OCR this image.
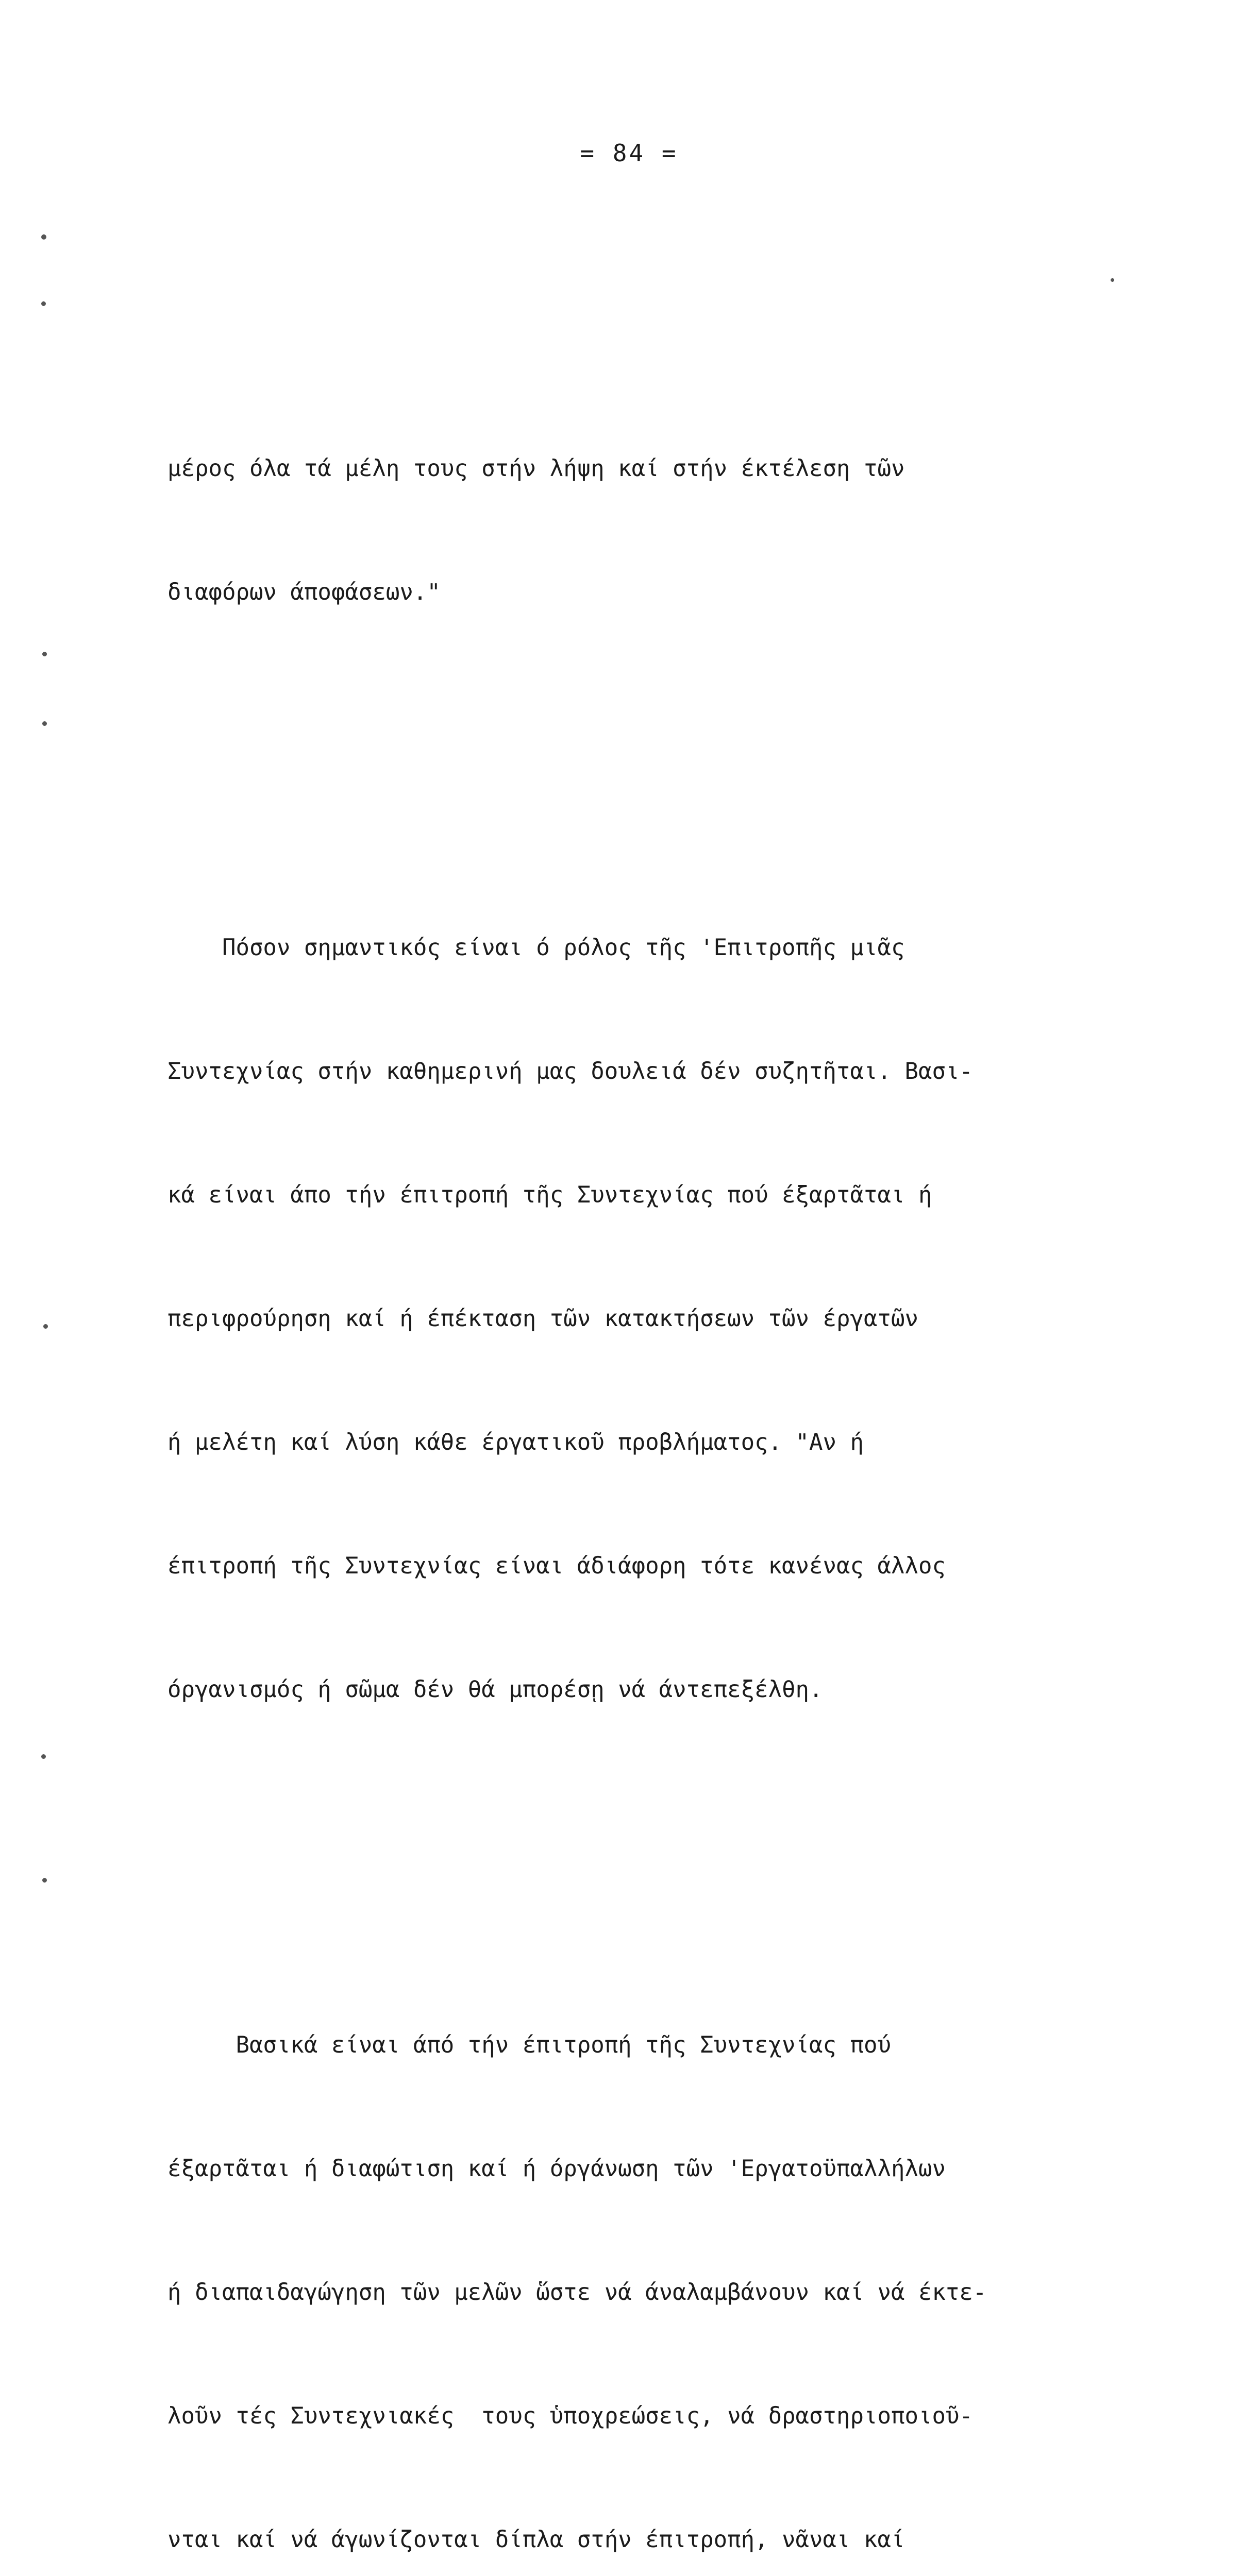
= 84 =

μέρος όλα τά μέλη τους στήν λήψη καί στήν έκτέλεση τῶν

διαφόρων άποφάσεων."

Πόσον σημαντικός είναι ό ρόλος τῆς 'Επιτροπῆς μιᾶς

Συντεχνίας στήν καθημερινή μας δουλειά δέν συζητῆται. Βασι-

κά είναι άπο τήν έπιτροπή τῆς Συντεχνίας πού έξαρτᾶται ή

περιφρούρηση καί ή έπέκταση τῶν κατακτήσεων τῶν έργατῶν

ή μελέτη καί λύση κάθε έργατικοῦ προβλήματος. "Αν ή

έπιτροπή τῆς Συντεχνίας είναι άδιάφορη τότε κανένας άλλος

όργανισμός ή σῶμα δέν θά μπορέσῃ νά άντεπεξέλθη.

Βασικά είναι άπό τήν έπιτροπή τῆς Συντεχνίας πού

έξαρτᾶται ή διαφώτιση καί ή όργάνωση τῶν 'Εργατοϋπαλλήλων

ή διαπαιδαγώγηση τῶν μελῶν ὥστε νά άναλαμβάνουν καί νά έκτε-

λοῦν τές Συντεχνιακές  τους ὑποχρεώσεις, νά δραστηριοποιοῦ-

νται καί νά άγωνίζονται δίπλα στήν έπιτροπή, νᾶναι καί
